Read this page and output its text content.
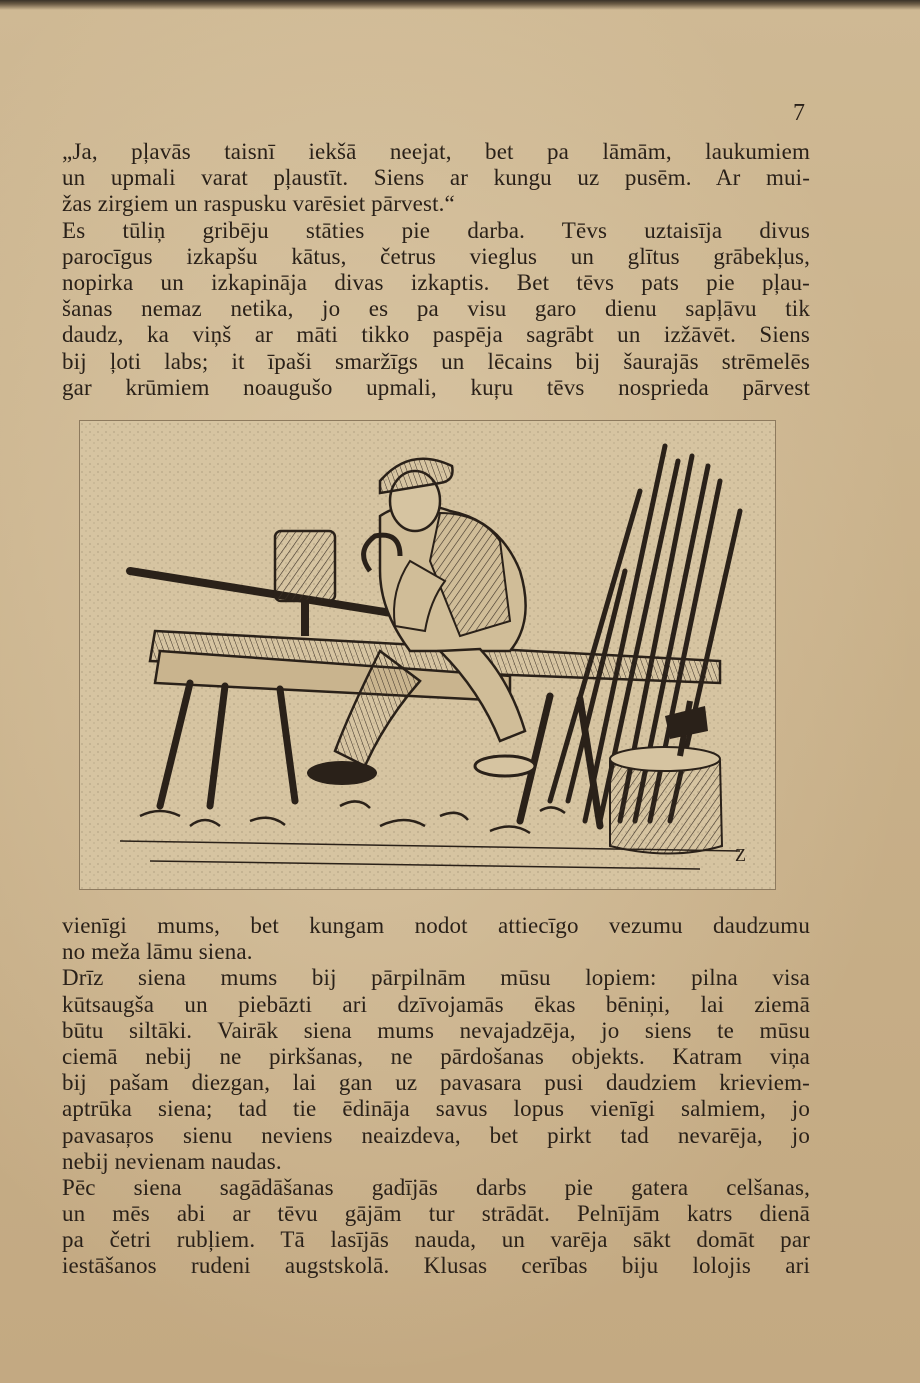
7
„Ja, pļavās taisnī iekšā neejat, bet pa lāmām, laukumiem
un upmali varat pļaustīt. Siens ar kungu uz pusēm. Ar mui-
žas zirgiem un raspusku varēsiet pārvest.“
Es tūliņ gribēju stāties pie darba. Tēvs uztaisīja divus
parocīgus izkapšu kātus, četrus vieglus un glītus grābekļus,
nopirka un izkapināja divas izkaptis. Bet tēvs pats pie pļau-
šanas nemaz netika, jo es pa visu garo dienu sapļāvu tik
daudz, ka viņš ar māti tikko paspēja sagrābt un izžāvēt. Siens
bij ļoti labs; it īpaši smaržīgs un lēcains bij šaurajās strēmelēs
gar krūmiem noaugušo upmali, kuŗu tēvs nosprieda pārvest
Z
vienīgi mums, bet kungam nodot attiecīgo vezumu daudzumu
no meža lāmu siena.
Drīz siena mums bij pārpilnām mūsu lopiem: pilna visa
kūtsaugša un piebāzti ari dzīvojamās ēkas bēniņi, lai ziemā
būtu siltāki. Vairāk siena mums nevajadzēja, jo siens te mūsu
ciemā nebij ne pirkšanas, ne pārdošanas objekts. Katram viņa
bij pašam diezgan, lai gan uz pavasara pusi daudziem krieviem-
aptrūka siena; tad tie ēdināja savus lopus vienīgi salmiem, jo
pavasaŗos sienu neviens neaizdeva, bet pirkt tad nevarēja, jo
nebij nevienam naudas.
Pēc siena sagādāšanas gadījās darbs pie gatera celšanas,
un mēs abi ar tēvu gājām tur strādāt. Pelnījām katrs dienā
pa četri rubļiem. Tā lasījās nauda, un varēja sākt domāt par
iestāšanos rudeni augstskolā. Klusas cerības biju lolojis ari
